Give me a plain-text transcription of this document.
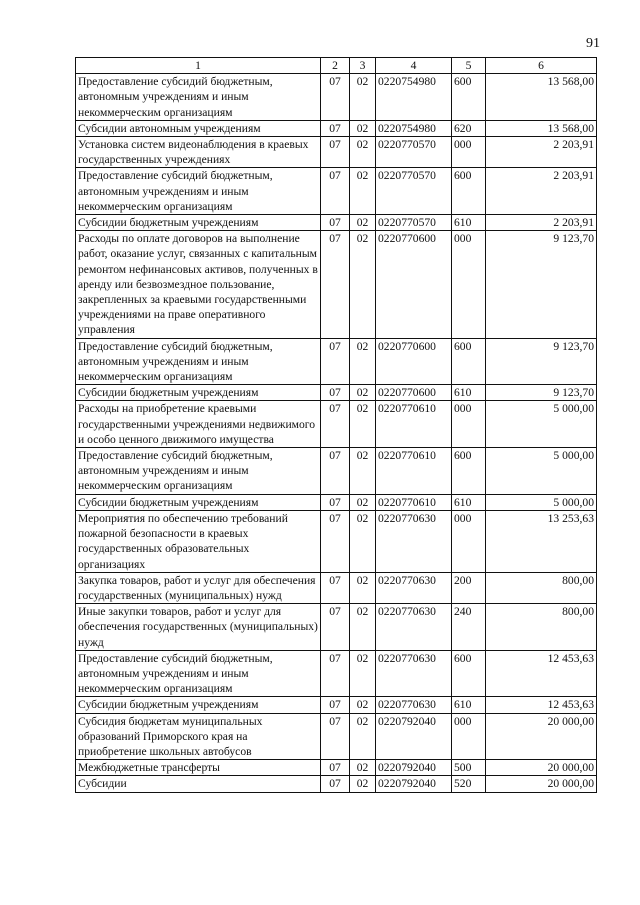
91
1	2	3	4	5	6
Предоставление субсидий бюджетным, автономным учреждениям и иным некоммерческим организациям	07	02	0220754980	600	13 568,00
Субсидии автономным учреждениям	07	02	0220754980	620	13 568,00
Установка систем видеонаблюдения в краевых государственных учреждениях	07	02	0220770570	000	2 203,91
Предоставление субсидий бюджетным, автономным учреждениям и иным некоммерческим организациям	07	02	0220770570	600	2 203,91
Субсидии бюджетным учреждениям	07	02	0220770570	610	2 203,91
Расходы по оплате договоров на выполнение работ, оказание услуг, связанных с капитальным ремонтом нефинансовых активов, полученных в аренду или безвозмездное пользование, закрепленных за краевыми государственными учреждениями на праве оперативного управления	07	02	0220770600	000	9 123,70
Предоставление субсидий бюджетным, автономным учреждениям и иным некоммерческим организациям	07	02	0220770600	600	9 123,70
Субсидии бюджетным учреждениям	07	02	0220770600	610	9 123,70
Расходы на приобретение краевыми государственными учреждениями недвижимого и особо ценного движимого имущества	07	02	0220770610	000	5 000,00
Предоставление субсидий бюджетным, автономным учреждениям и иным некоммерческим организациям	07	02	0220770610	600	5 000,00
Субсидии бюджетным учреждениям	07	02	0220770610	610	5 000,00
Мероприятия по обеспечению требований пожарной безопасности в краевых государственных образовательных организациях	07	02	0220770630	000	13 253,63
Закупка товаров, работ и услуг для обеспечения государственных (муниципальных) нужд	07	02	0220770630	200	800,00
Иные закупки товаров, работ и услуг для обеспечения государственных (муниципальных) нужд	07	02	0220770630	240	800,00
Предоставление субсидий бюджетным, автономным учреждениям и иным некоммерческим организациям	07	02	0220770630	600	12 453,63
Субсидии бюджетным учреждениям	07	02	0220770630	610	12 453,63
Субсидия бюджетам муниципальных образований Приморского края на приобретение школьных автобусов	07	02	0220792040	000	20 000,00
Межбюджетные трансферты	07	02	0220792040	500	20 000,00
Субсидии	07	02	0220792040	520	20 000,00
